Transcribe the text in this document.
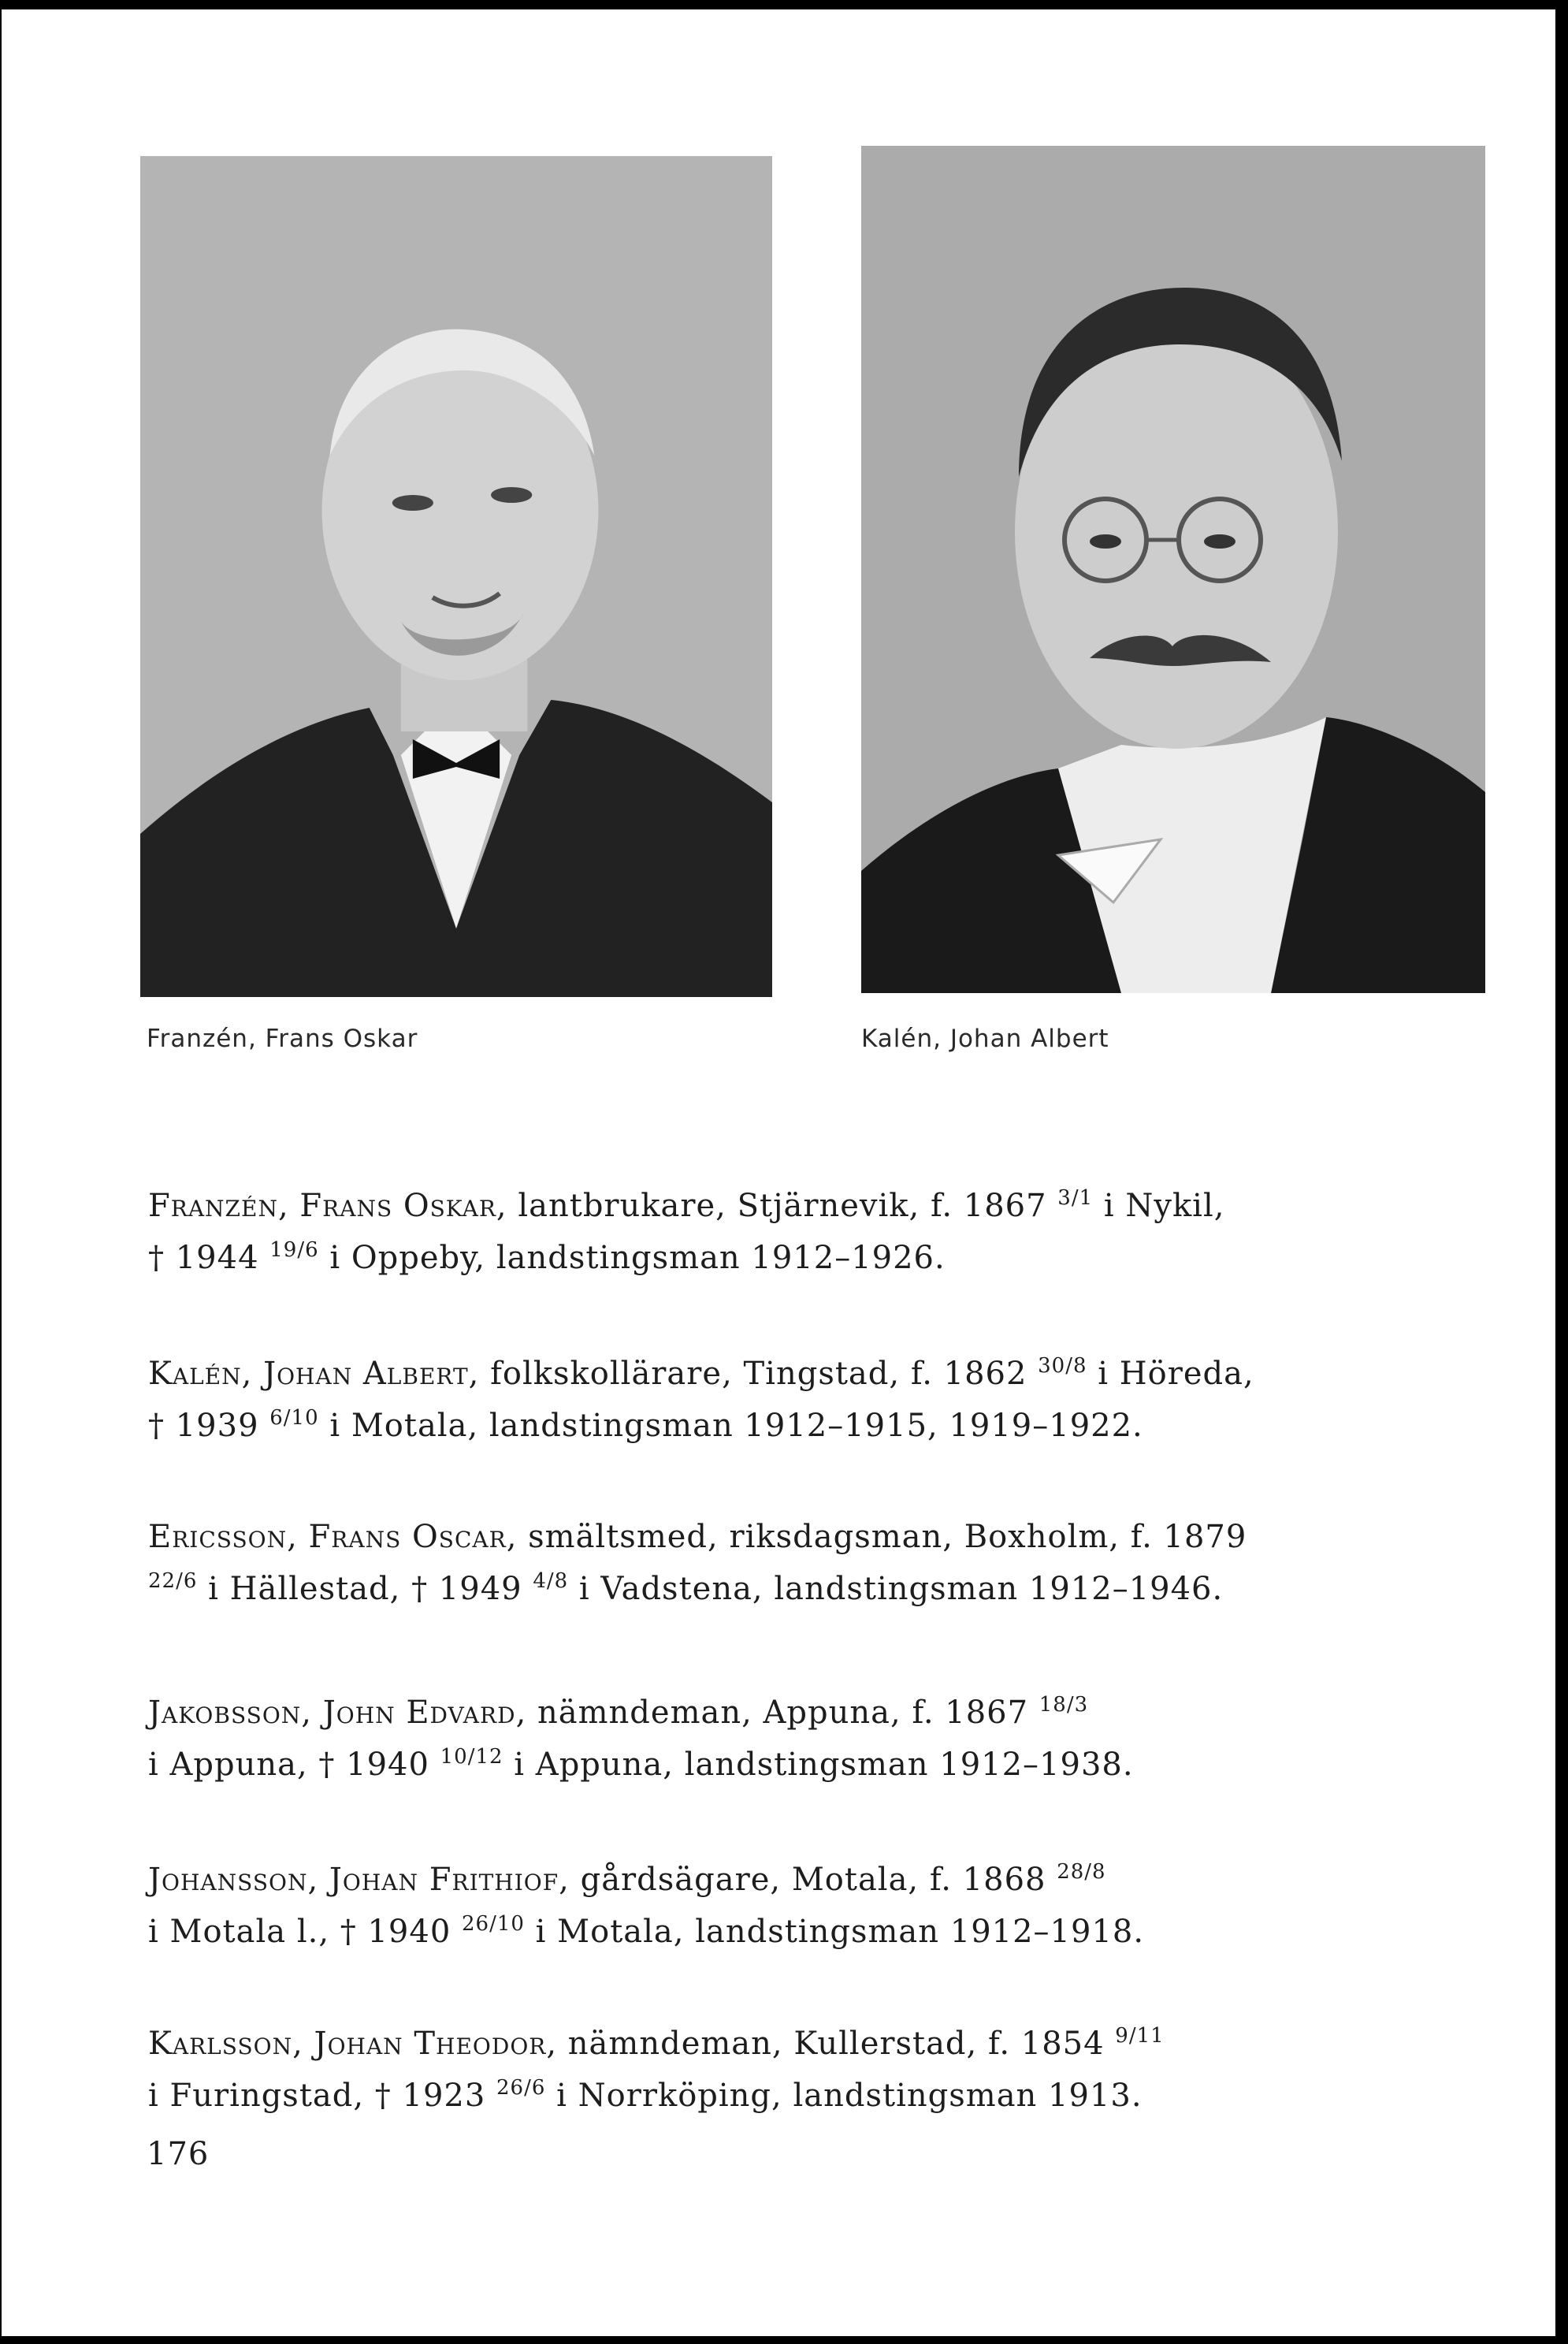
Franzén, Frans Oskar	Kalén, Johan Albert

Franzén, Frans Oskar, lantbrukare, Stjärnevik, f. 1867 $^{3/1}$ i Nykil,

† 1944 $^{19/6}$ i Oppeby, landstingsman 1912–1926.

Kalén, Johan Albert, folkskollärare, Tingstad, f. 1862 $^{30/8}$ i Höreda,

† 1939 $^{6/10}$ i Motala, landstingsman 1912–1915, 1919–1922.

Ericsson, Frans Oscar, smältsmed, riksdagsman, Boxholm, f. 1879

$^{22/6}$ i Hällestad, † 1949 $^{4/8}$ i Vadstena, landstingsman 1912–1946.

Jakobsson, John Edvard, nämndeman, Appuna, f. 1867 $^{18/3}$

i Appuna, † 1940 $^{10/12}$ i Appuna, landstingsman 1912–1938.

Johansson, Johan Frithiof, gårdsägare, Motala, f. 1868 $^{28/8}$

i Motala l., † 1940 $^{26/10}$ i Motala, landstingsman 1912–1918.

Karlsson, Johan Theodor, nämndeman, Kullerstad, f. 1854 $^{9/11}$

i Furingstad, † 1923 $^{26/6}$ i Norrköping, landstingsman 1913.

176
